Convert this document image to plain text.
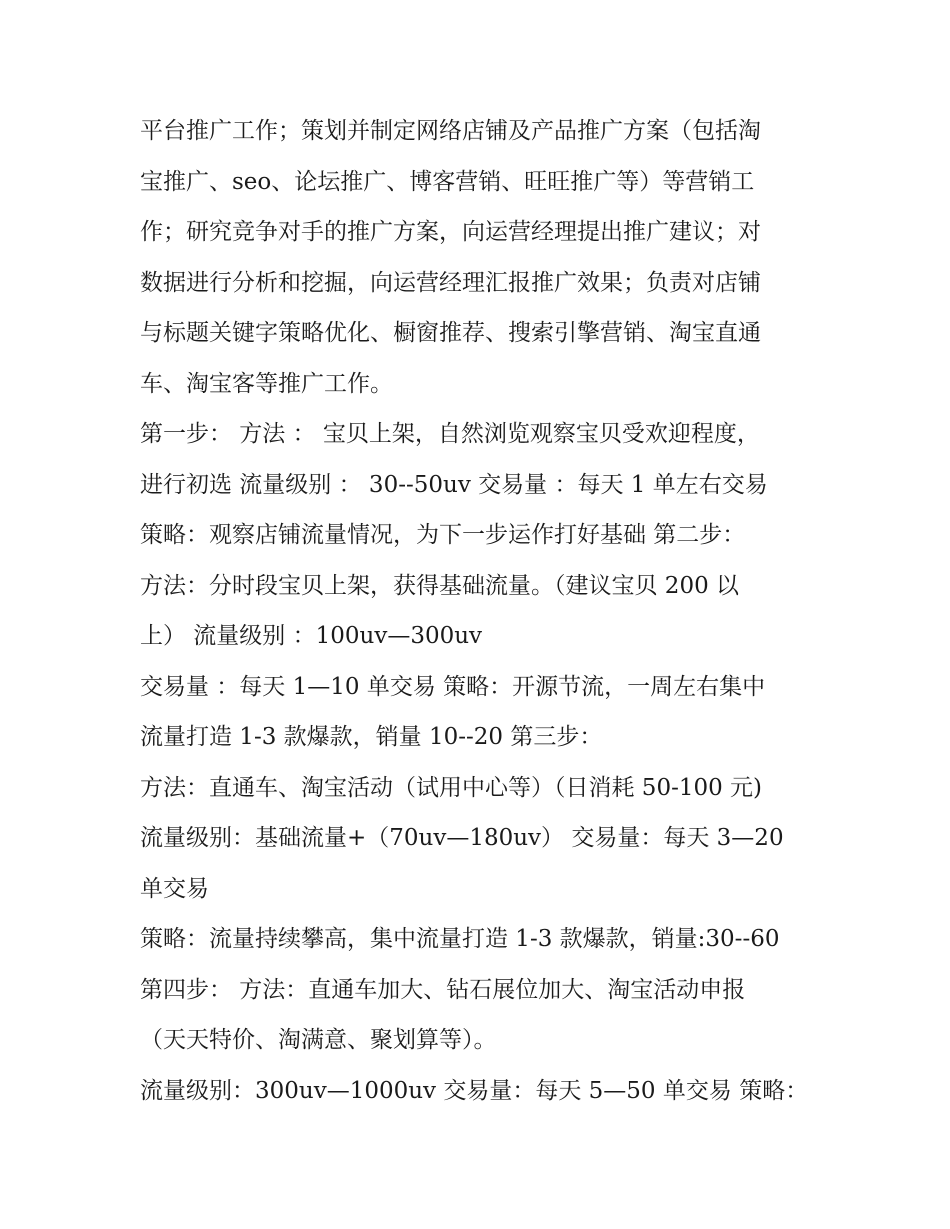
平台推广工作；策划并制定网络店铺及产品推广方案（包括淘
宝推广、seo、论坛推广、博客营销、旺旺推广等）等营销工
作；研究竞争对手的推广方案，向运营经理提出推广建议；对
数据进行分析和挖掘，向运营经理汇报推广效果；负责对店铺
与标题关键字策略优化、橱窗推荐、搜索引擎营销、淘宝直通
车、淘宝客等推广工作。
第一步： 方法 ： 宝贝上架，自然浏览观察宝贝受欢迎程度，
进行初选 流量级别 ： 30--50uv 交易量 ：每天 1 单左右交易
策略：观察店铺流量情况，为下一步运作打好基础 第二步：
方法：分时段宝贝上架，获得基础流量。（建议宝贝 200 以
上） 流量级别 ：100uv—300uv
交易量 ：每天 1—10 单交易 策略：开源节流，一周左右集中
流量打造 1-3 款爆款，销量 10--20 第三步：
方法：直通车、淘宝活动（试用中心等）（日消耗 50-100 元)
流量级别：基础流量+（70uv—180uv） 交易量：每天 3—20
单交易
策略：流量持续攀高，集中流量打造 1-3 款爆款，销量:30--60
第四步： 方法：直通车加大、钻石展位加大、淘宝活动申报
（天天特价、淘满意、聚划算等）。
流量级别：300uv—1000uv 交易量：每天 5—50 单交易 策略：
